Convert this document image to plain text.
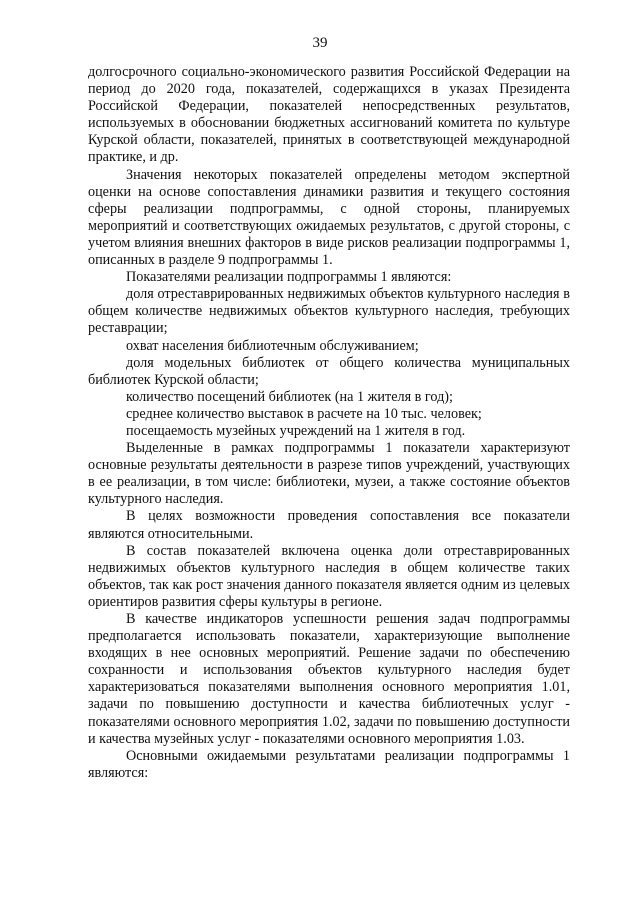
39

долгосрочного социально-экономического развития Российской Федерации на период до 2020 года, показателей, содержащихся в указах Президента Российской Федерации, показателей непосредственных результатов, используемых в обосновании бюджетных ассигнований комитета по культуре Курской области, показателей, принятых в соответствующей международной практике, и др.

Значения некоторых показателей определены методом экспертной оценки на основе сопоставления динамики развития и текущего состояния сферы реализации подпрограммы, с одной стороны, планируемых мероприятий и соответствующих ожидаемых результатов, с другой стороны, с учетом влияния внешних факторов в виде рисков реализации подпрограммы 1, описанных в разделе 9 подпрограммы 1.

Показателями реализации подпрограммы 1 являются:

доля отреставрированных недвижимых объектов культурного наследия в общем количестве недвижимых объектов культурного наследия, требующих реставрации;

охват населения библиотечным обслуживанием;

доля модельных библиотек от общего количества муниципальных библиотек Курской области;

количество посещений библиотек (на 1 жителя в год);

среднее количество выставок в расчете на 10 тыс. человек;

посещаемость музейных учреждений на 1 жителя в год.

Выделенные в рамках подпрограммы 1 показатели характеризуют основные результаты деятельности в разрезе типов учреждений, участвующих в ее реализации, в том числе: библиотеки, музеи, а также состояние объектов культурного наследия.

В целях возможности проведения сопоставления все показатели являются относительными.

В состав показателей включена оценка доли отреставрированных недвижимых объектов культурного наследия в общем количестве таких объектов, так как рост значения данного показателя является одним из целевых ориентиров развития сферы культуры в регионе.

В качестве индикаторов успешности решения задач подпрограммы предполагается использовать показатели, характеризующие выполнение входящих в нее основных мероприятий. Решение задачи по обеспечению сохранности и использования объектов культурного наследия будет характеризоваться показателями выполнения основного мероприятия 1.01, задачи по повышению доступности и качества библиотечных услуг - показателями основного мероприятия 1.02, задачи по повышению доступности и качества музейных услуг - показателями основного мероприятия 1.03.

Основными ожидаемыми результатами реализации подпрограммы 1 являются:
